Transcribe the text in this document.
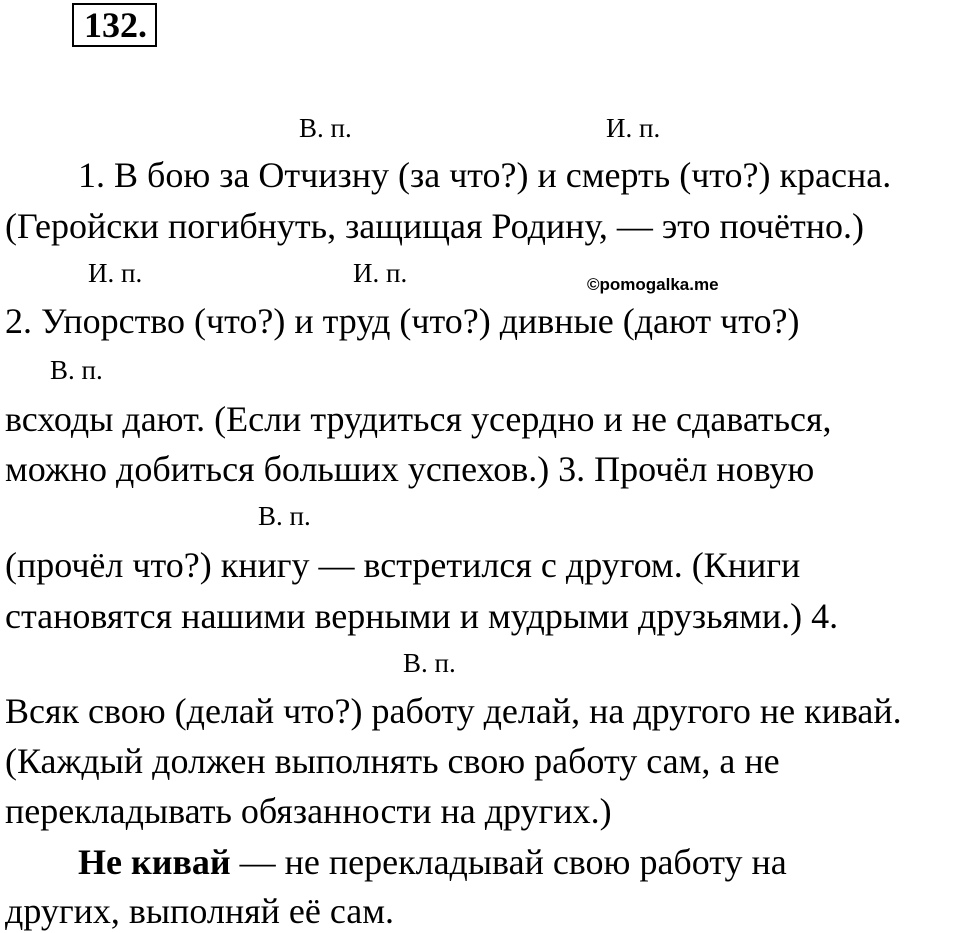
132.
В. п.	И. п.
1. В бою за Отчизну (за что?) и смерть (что?) красна.
(Геройски погибнуть, защищая Родину, — это почётно.)
И. п.	И. п.	©pomogalka.me
2. Упорство (что?) и труд (что?) дивные (дают что?)
В. п.
всходы дают. (Если трудиться усердно и не сдаваться,
можно добиться больших успехов.) 3. Прочёл новую
В. п.
(прочёл что?) книгу — встретился с другом. (Книги
становятся нашими верными и мудрыми друзьями.) 4.
В. п.
Всяк свою (делай что?) работу делай, на другого не кивай.
(Каждый должен выполнять свою работу сам, а не
перекладывать обязанности на других.)
Не кивай — не перекладывай свою работу на
других, выполняй её сам.
